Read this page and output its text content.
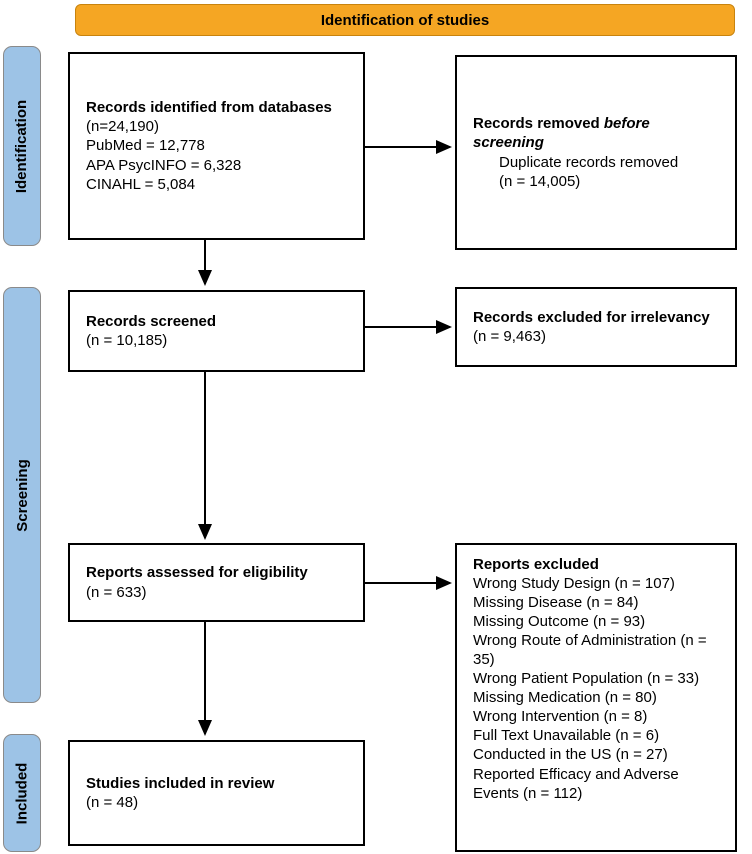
Identification of studies
Identification
Screening
Included
Records identified from databases
(n=24,190)
PubMed = 12,778
APA PsycINFO = 6,328
CINAHL = 5,084
Records removed before screening
Duplicate records removed
(n = 14,005)
Records screened
(n = 10,185)
Records excluded for irrelevancy
(n = 9,463)
Reports assessed for eligibility
(n = 633)
Reports excluded
Wrong Study Design (n = 107)
Missing Disease (n = 84)
Missing Outcome (n = 93)
Wrong Route of Administration (n = 35)
Wrong Patient Population (n = 33)
Missing Medication (n = 80)
Wrong Intervention (n = 8)
Full Text Unavailable (n = 6)
Conducted in the US (n = 27)
Reported Efficacy and Adverse Events (n = 112)
Studies included in review
(n = 48)
